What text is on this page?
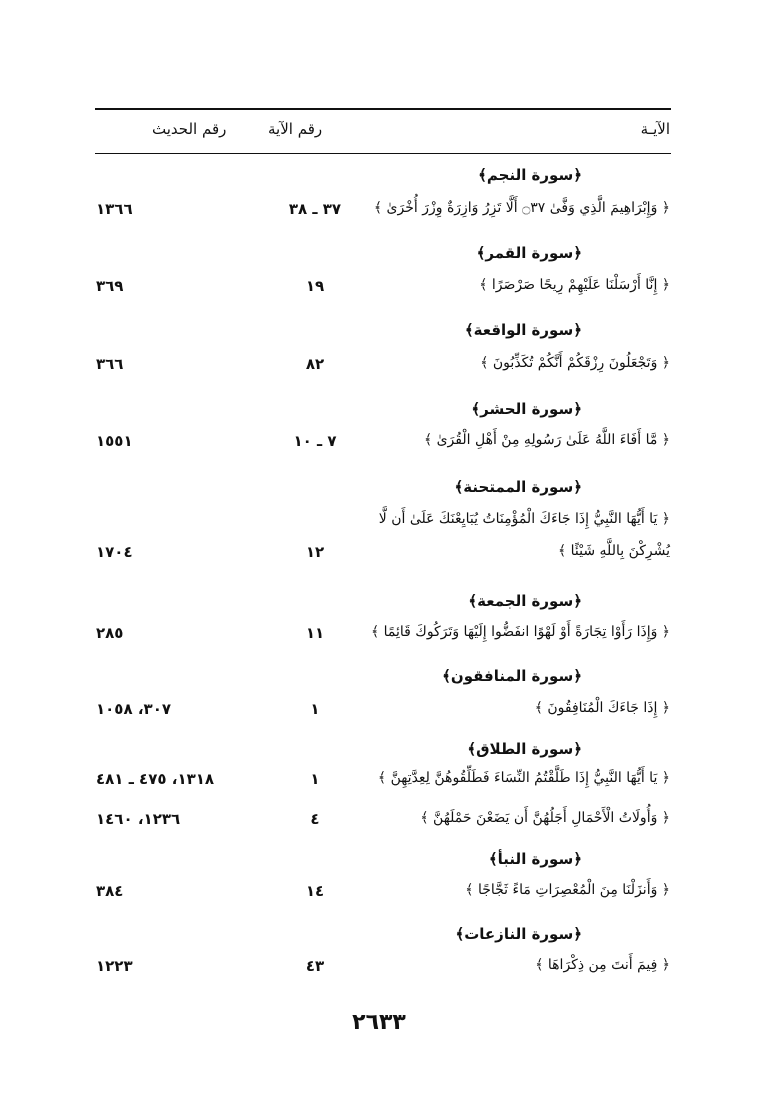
الآيـة
رقم الآية
رقم الحديث
﴿سورة النجم﴾
﴿ وَإِبْرَاهِيمَ الَّذِي وَفَّىٰ ۝٣٧ أَلَّا تَزِرُ وَازِرَةٌ وِزْرَ أُخْرَىٰ ﴾
٣٧ ـ ٣٨
١٣٦٦
﴿سورة القمر﴾
﴿ إِنَّا أَرْسَلْنَا عَلَيْهِمْ رِيحًا صَرْصَرًا ﴾
١٩
٣٦٩
﴿سورة الواقعة﴾
﴿ وَتَجْعَلُونَ رِزْقَكُمْ أَنَّكُمْ تُكَذِّبُونَ ﴾
٨٢
٣٦٦
﴿سورة الحشر﴾
﴿ مَّا أَفَاءَ اللَّهُ عَلَىٰ رَسُولِهِ مِنْ أَهْلِ الْقُرَىٰ ﴾
٧ ـ ١٠
١٥٥١
﴿سورة الممتحنة﴾
﴿ يَا أَيُّهَا النَّبِيُّ إِذَا جَاءَكَ الْمُؤْمِنَاتُ يُبَايِعْنَكَ عَلَىٰ أَن لَّا
يُشْرِكْنَ بِاللَّهِ شَيْئًا ﴾
١٢
١٧٠٤
﴿سورة الجمعة﴾
﴿ وَإِذَا رَأَوْا تِجَارَةً أَوْ لَهْوًا انفَضُّوا إِلَيْهَا وَتَرَكُوكَ قَائِمًا ﴾
١١
٢٨٥
﴿سورة المنافقون﴾
﴿ إِذَا جَاءَكَ الْمُنَافِقُونَ ﴾
١
٣٠٧، ١٠٥٨
﴿سورة الطلاق﴾
﴿ يَا أَيُّهَا النَّبِيُّ إِذَا طَلَّقْتُمُ النِّسَاءَ فَطَلِّقُوهُنَّ لِعِدَّتِهِنَّ ﴾
١
١٣١٨، ٤٧٥ ـ ٤٨١
﴿ وَأُولَاتُ الْأَحْمَالِ أَجَلُهُنَّ أَن يَضَعْنَ حَمْلَهُنَّ ﴾
٤
١٢٣٦، ١٤٦٠
﴿سورة النبأ﴾
﴿ وَأَنزَلْنَا مِنَ الْمُعْصِرَاتِ مَاءً ثَجَّاجًا ﴾
١٤
٣٨٤
﴿سورة النازعات﴾
﴿ فِيمَ أَنتَ مِن ذِكْرَاهَا ﴾
٤٣
١٢٢٣
٢٦٣٣
